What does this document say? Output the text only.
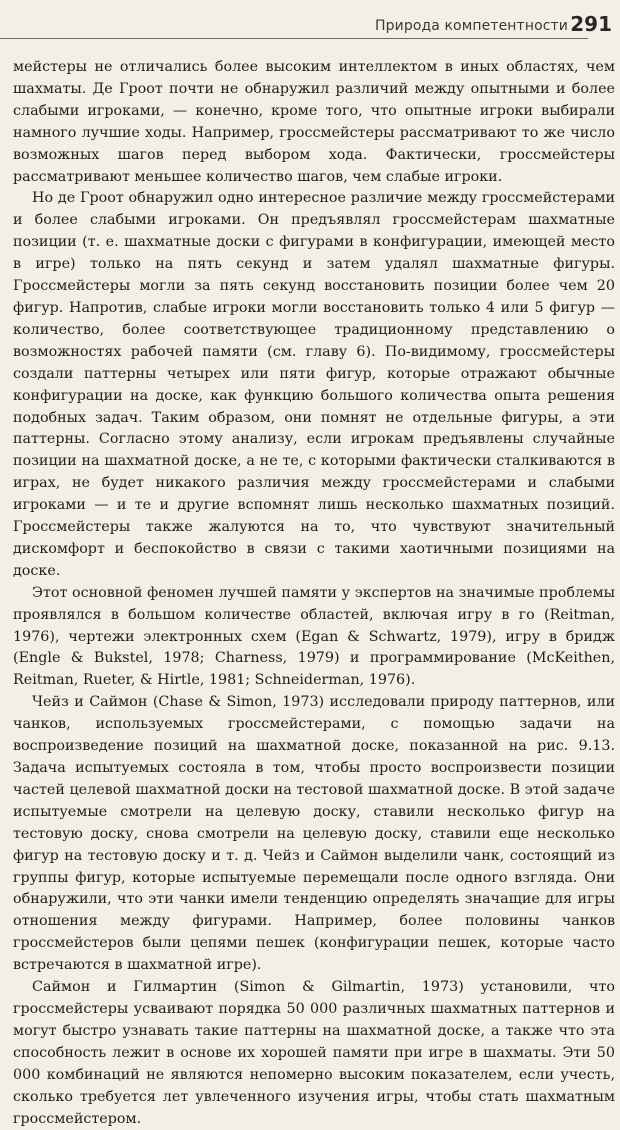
Природа компетентности 291

мейстеры не отличались более высоким интеллектом в иных областях, чем шахматы. Де Гроот почти не обнаружил различий между опытными и более слабыми игроками, — конечно, кроме того, что опытные игроки выбирали намного лучшие ходы. Например, гроссмейстеры рассматривают то же число возможных шагов перед выбором хода. Фактически, гроссмейстеры рассматривают меньшее количество шагов, чем слабые игроки.

Но де Гроот обнаружил одно интересное различие между гроссмейстерами и более слабыми игроками. Он предъявлял гроссмейстерам шахматные позиции (т. е. шахматные доски с фигурами в конфигурации, имеющей место в игре) только на пять секунд и затем удалял шахматные фигуры. Гроссмейстеры могли за пять секунд восстановить позиции более чем 20 фигур. Напротив, слабые игроки могли восстановить только 4 или 5 фигур — количество, более соответствующее традиционному представлению о возможностях рабочей памяти (см. главу 6). По-видимому, гроссмейстеры создали паттерны четырех или пяти фигур, которые отражают обычные конфигурации на доске, как функцию большого количества опыта решения подобных задач. Таким образом, они помнят не отдельные фигуры, а эти паттерны. Согласно этому анализу, если игрокам предъявлены случайные позиции на шахматной доске, а не те, с которыми фактически сталкиваются в играх, не будет никакого различия между гроссмейстерами и слабыми игроками — и те и другие вспомнят лишь несколько шахматных позиций. Гроссмейстеры также жалуются на то, что чувствуют значительный дискомфорт и беспокойство в связи с такими хаотичными позициями на доске.

Этот основной феномен лучшей памяти у экспертов на значимые проблемы проявлялся в большом количестве областей, включая игру в го (Reitman, 1976), чертежи электронных схем (Egan & Schwartz, 1979), игру в бридж (Engle & Bukstel, 1978; Charness, 1979) и программирование (McKeithen, Reitman, Rueter, & Hirtle, 1981; Schneiderman, 1976).

Чейз и Саймон (Chase & Simon, 1973) исследовали природу паттернов, или чанков, используемых гроссмейстерами, с помощью задачи на воспроизведение позиций на шахматной доске, показанной на рис. 9.13. Задача испытуемых состояла в том, чтобы просто воспроизвести позиции частей целевой шахматной доски на тестовой шахматной доске. В этой задаче испытуемые смотрели на целевую доску, ставили несколько фигур на тестовую доску, снова смотрели на целевую доску, ставили еще несколько фигур на тестовую доску и т. д. Чейз и Саймон выделили чанк, состоящий из группы фигур, которые испытуемые перемещали после одного взгляда. Они обнаружили, что эти чанки имели тенденцию определять значащие для игры отношения между фигурами. Например, более половины чанков гроссмейстеров были цепями пешек (конфигурации пешек, которые часто встречаются в шахматной игре).

Саймон и Гилмартин (Simon & Gilmartin, 1973) установили, что гроссмейстеры усваивают порядка 50 000 различных шахматных паттернов и могут быстро узнавать такие паттерны на шахматной доске, а также что эта способность лежит в основе их хорошей памяти при игре в шахматы. Эти 50 000 комбинаций не являются непомерно высоким показателем, если учесть, сколько требуется лет увлеченного изучения игры, чтобы стать шахматным гроссмейстером.
